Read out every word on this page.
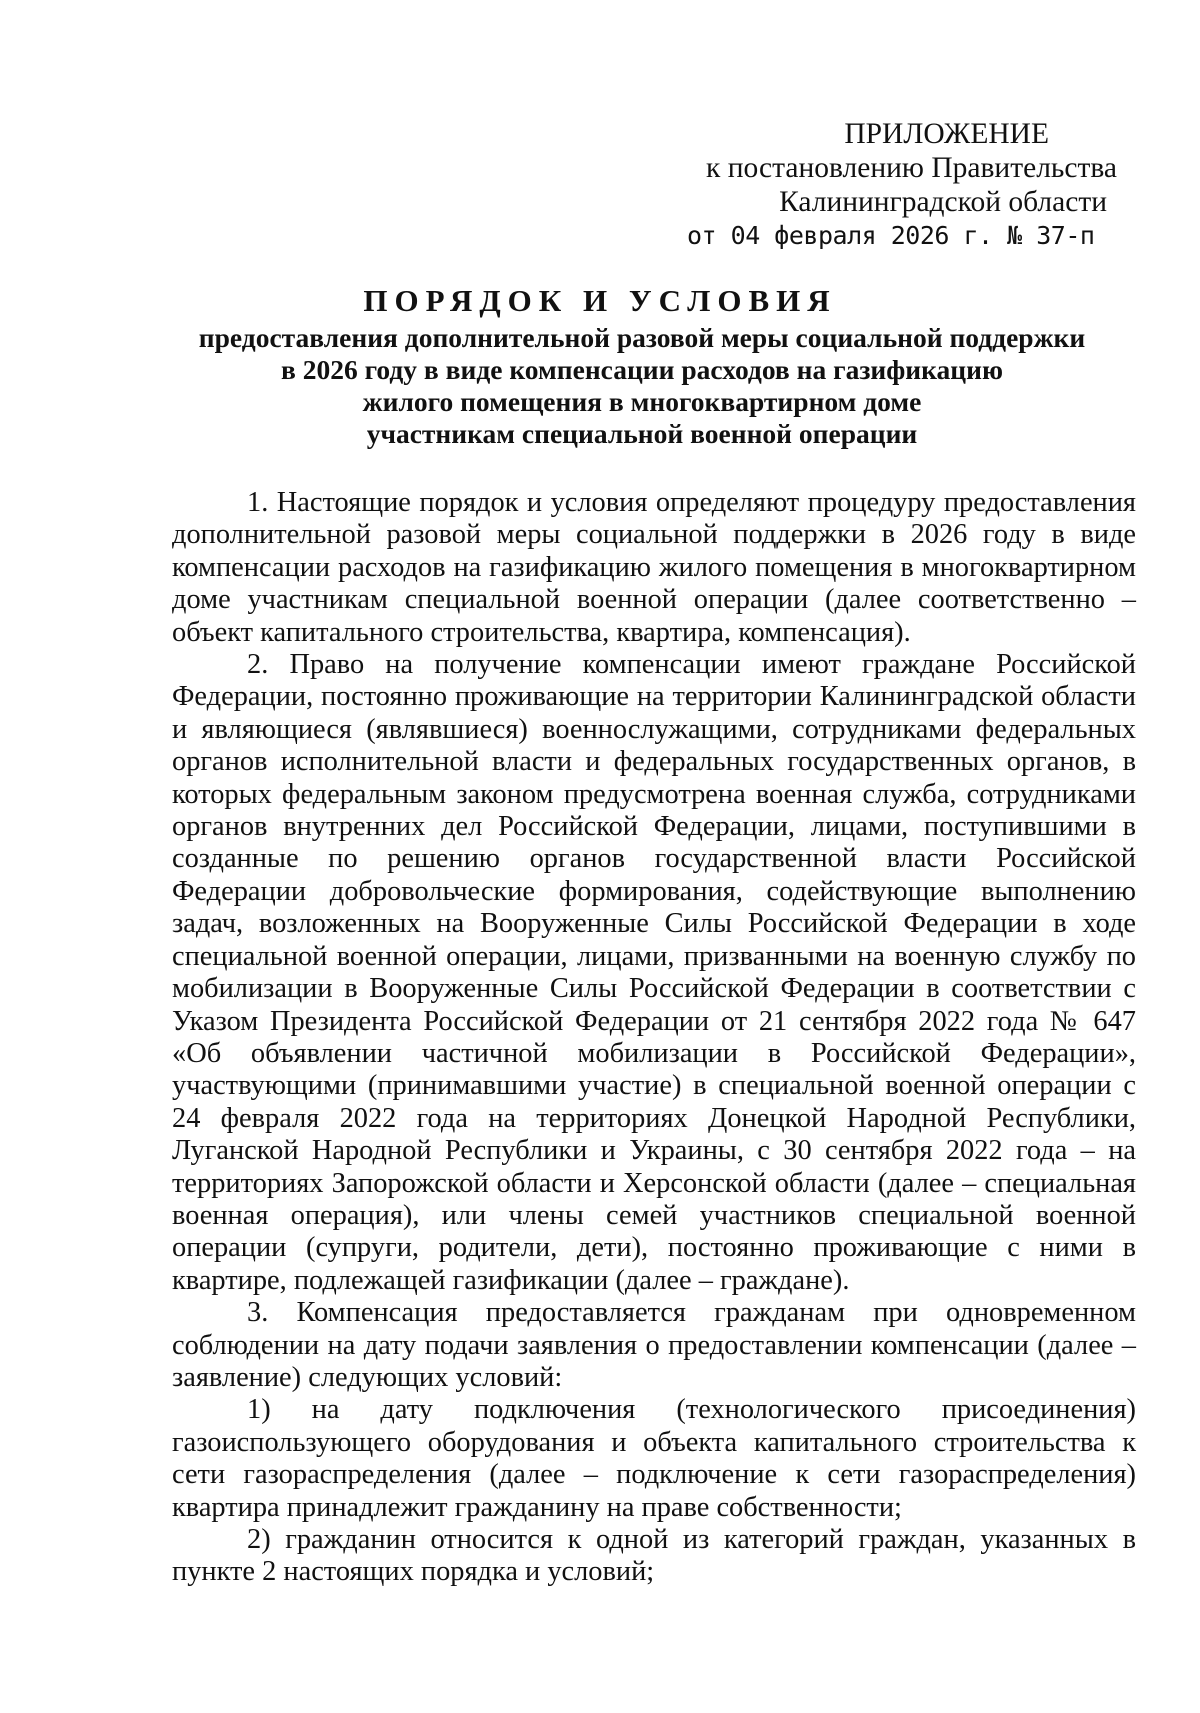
ПРИЛОЖЕНИЕ
к постановлению Правительства
Калининградской области
от 04 февраля 2026 г. № 37-п
ПОРЯДОК И УСЛОВИЯ
предоставления дополнительной разовой меры социальной поддержки
в 2026 году в виде компенсации расходов на газификацию
жилого помещения в многоквартирном доме
участникам специальной военной операции

1. Настоящие порядок и условия определяют процедуру предоставления дополнительной разовой меры социальной поддержки в 2026 году в виде компенсации расходов на газификацию жилого помещения в многоквартирном доме участникам специальной военной операции (далее соответственно – объект капитального строительства, квартира, компенсация).

2. Право на получение компенсации имеют граждане Российской Федерации, постоянно проживающие на территории Калининградской области и являющиеся (являвшиеся) военнослужащими, сотрудниками федеральных органов исполнительной власти и федеральных государственных органов, в которых федеральным законом предусмотрена военная служба, сотрудниками органов внутренних дел Российской Федерации, лицами, поступившими в созданные по решению органов государственной власти Российской Федерации добровольческие формирования, содействующие выполнению задач, возложенных на Вооруженные Силы Российской Федерации в ходе специальной военной операции, лицами, призванными на военную службу по мобилизации в Вооруженные Силы Российской Федерации в соответствии с Указом Президента Российской Федерации от 21 сентября 2022 года № 647 «Об объявлении частичной мобилизации в Российской Федерации», участвующими (принимавшими участие) в специальной военной операции с 24 февраля 2022 года на территориях Донецкой Народной Республики, Луганской Народной Республики и Украины, с 30 сентября 2022 года – на территориях Запорожской области и Херсонской области (далее – специальная военная операция), или члены семей участников специальной военной операции (супруги, родители, дети), постоянно проживающие с ними в квартире, подлежащей газификации (далее – граждане).

3. Компенсация предоставляется гражданам при одновременном соблюдении на дату подачи заявления о предоставлении компенсации (далее – заявление) следующих условий:

1) на дату подключения (технологического присоединения) газоиспользующего оборудования и объекта капитального строительства к сети газораспределения (далее – подключение к сети газораспределения) квартира принадлежит гражданину на праве собственности;

2) гражданин относится к одной из категорий граждан, указанных в пункте 2 настоящих порядка и условий;
